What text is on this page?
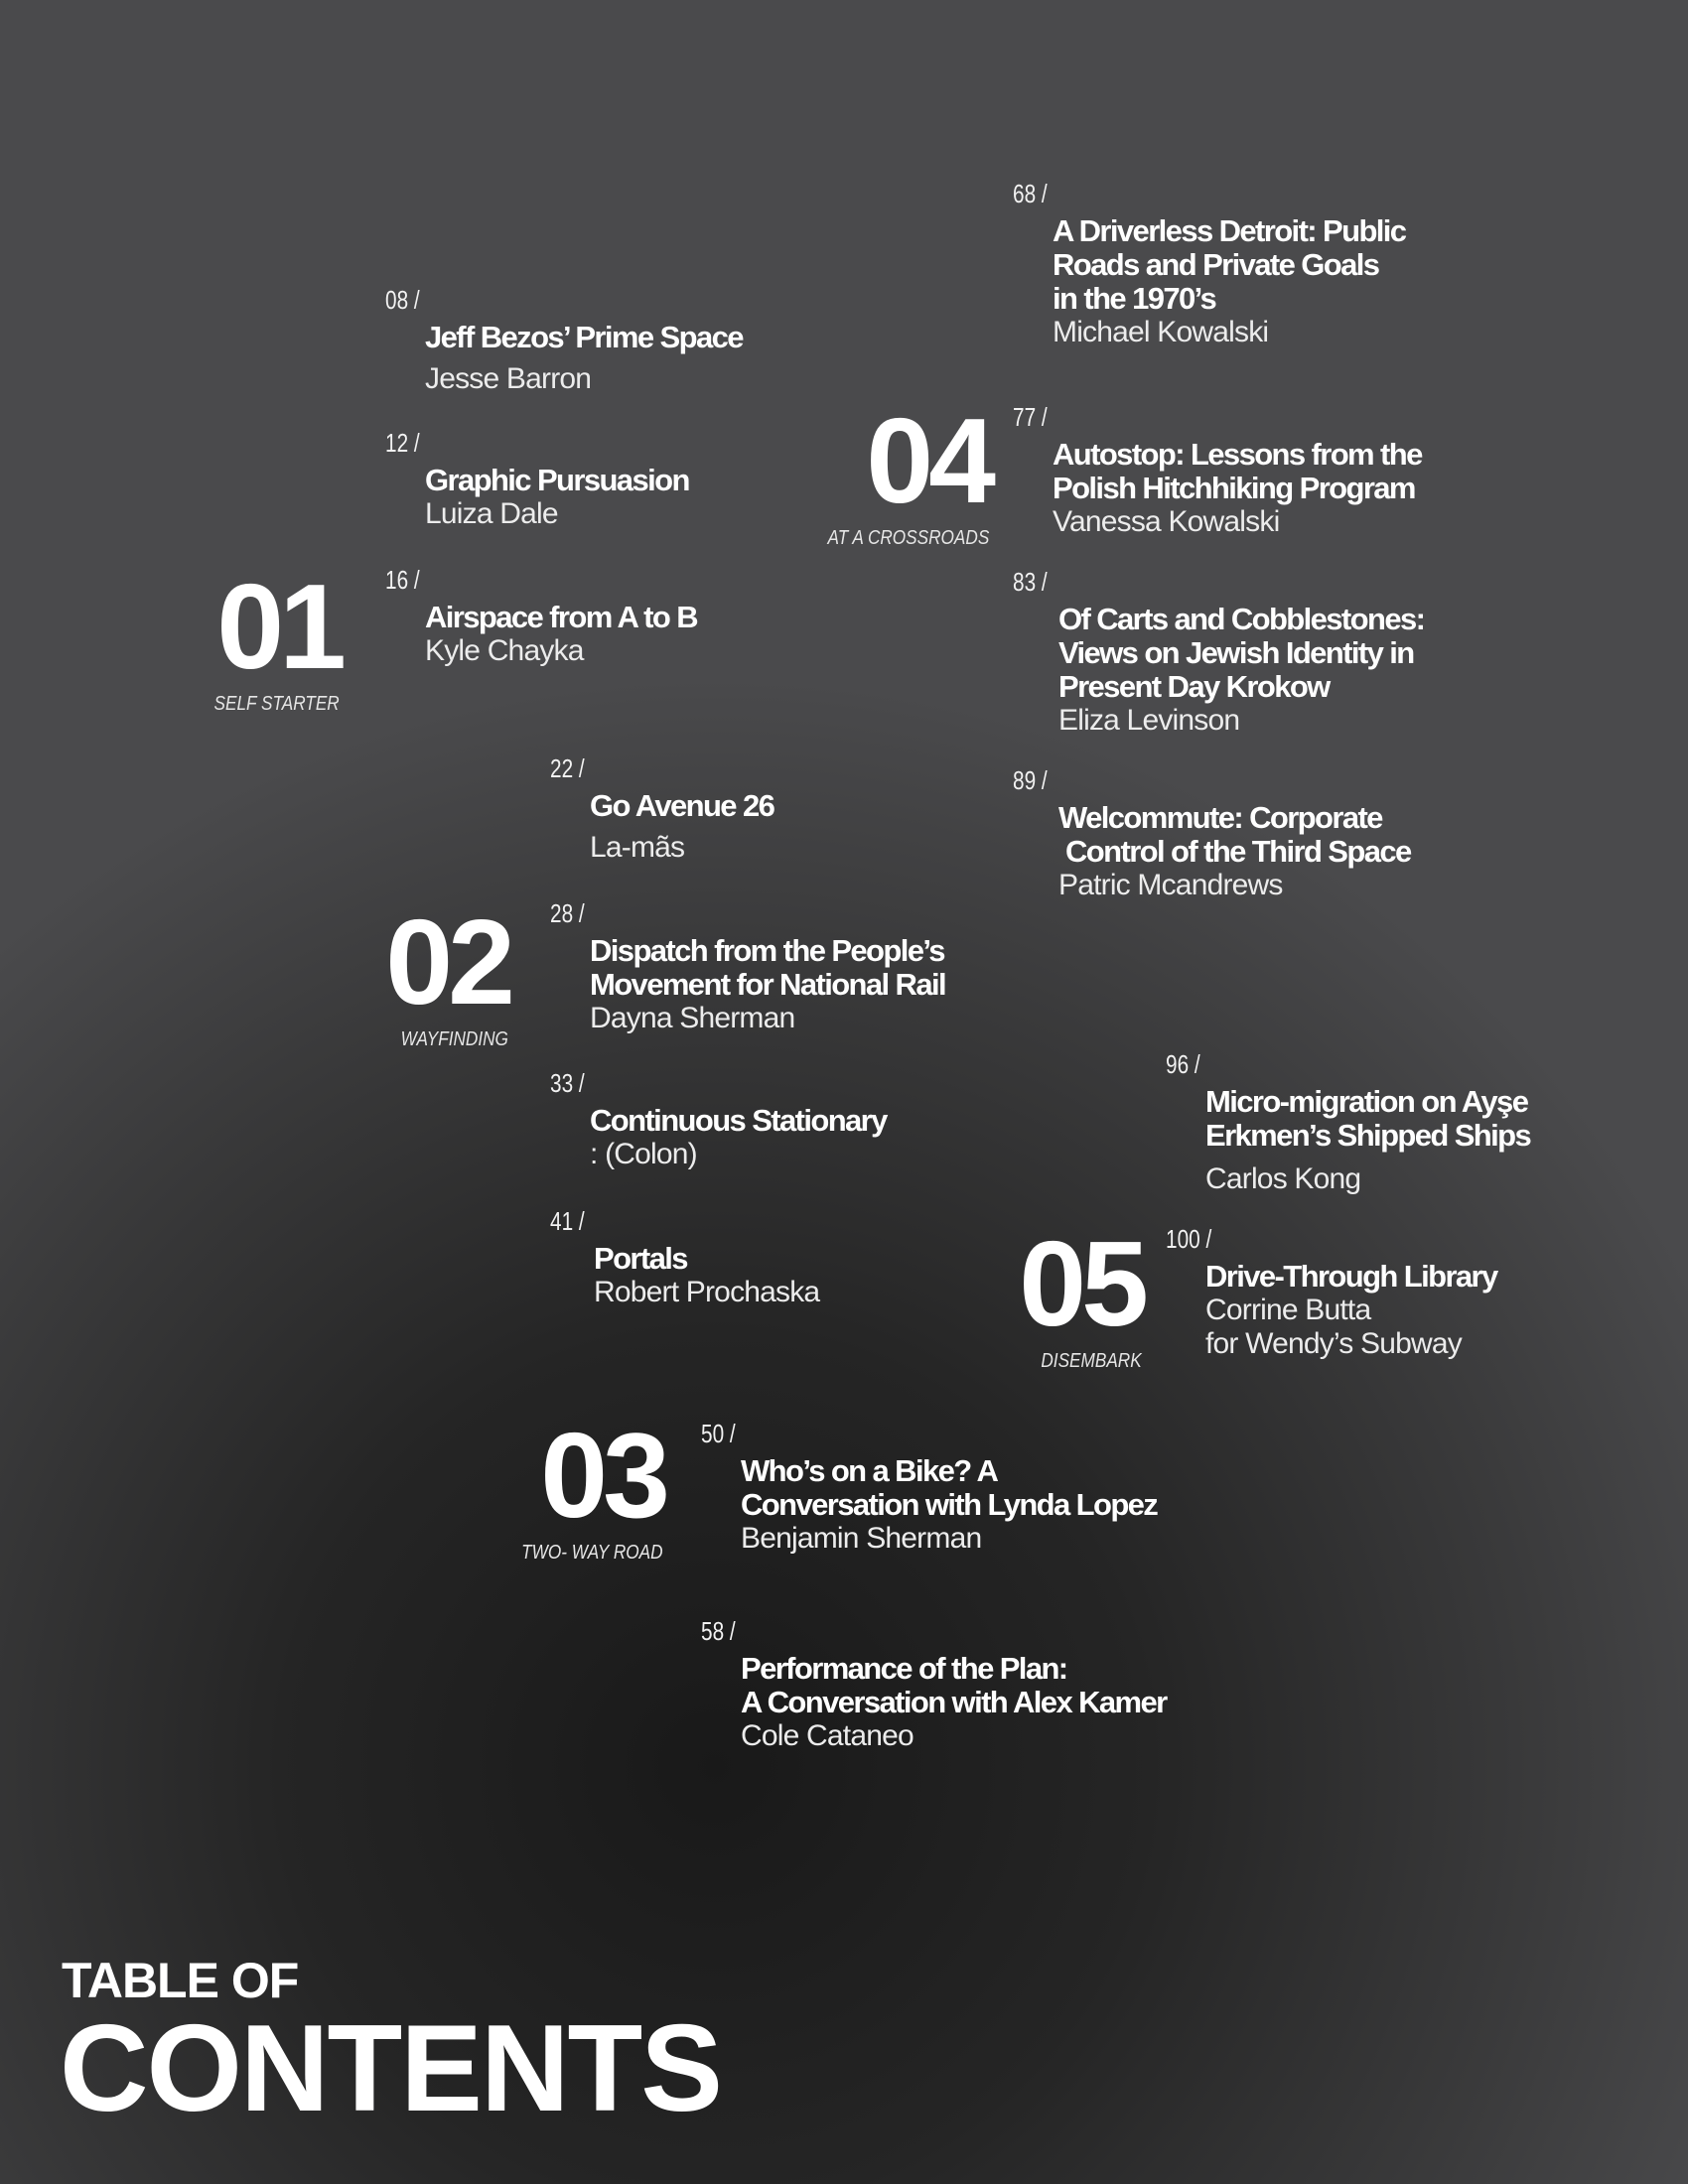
01
SELF STARTER
02
WAYFINDING
03
TWO- WAY ROAD
04
AT A CROSSROADS
05
DISEMBARK
08 /
Jeff Bezos’ Prime Space
Jesse Barron
12 /
Graphic Pursuasion
Luiza Dale
16 /
Airspace from A to B
Kyle Chayka
22 /
Go Avenue 26
La-mãs
28 /
Dispatch from the People’s
Movement for National Rail
Dayna Sherman
33 /
Continuous Stationary
: (Colon)
41 /
Portals
Robert Prochaska
50 /
Who’s on a Bike? A
Conversation with Lynda Lopez
Benjamin Sherman
58 /
Performance of the Plan:
A Conversation with Alex Kamer
Cole Cataneo
68 /
A Driverless Detroit: Public
Roads and Private Goals
in the 1970’s
Michael Kowalski
77 /
Autostop: Lessons from the
Polish Hitchhiking Program
Vanessa Kowalski
83 /
Of Carts and Cobblestones:
Views on Jewish Identity in
Present Day Krokow
Eliza Levinson
89 /
Welcommute: Corporate
Control of the Third Space
Patric Mcandrews
96 /
Micro-migration on Ayşe
Erkmen’s Shipped Ships
Carlos Kong
100 /
Drive-Through Library
Corrine Butta
for Wendy’s Subway
TABLE OF
CONTENTS
